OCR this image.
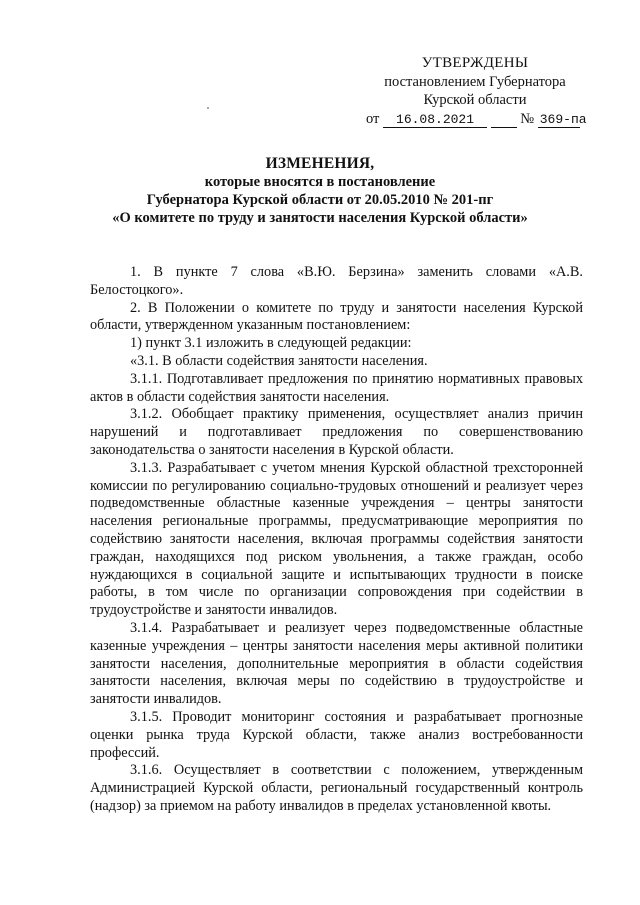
УТВЕРЖДЕНЫ
постановлением Губернатора
Курской области
от 16.08.2021	№ 369-па
ИЗМЕНЕНИЯ,
которые вносятся в постановление
Губернатора Курской области от 20.05.2010 № 201-пг
«О комитете по труду и занятости населения Курской области»

1. В пункте 7 слова «В.Ю. Берзина» заменить словами «А.В. Белостоцкого».

2. В Положении о комитете по труду и занятости населения Курской области, утвержденном указанным постановлением:

1) пункт 3.1 изложить в следующей редакции:

«3.1. В области содействия занятости населения.

3.1.1. Подготавливает предложения по принятию нормативных правовых актов в области содействия занятости населения.

3.1.2. Обобщает практику применения, осуществляет анализ причин нарушений и подготавливает предложения по совершенствованию законодательства о занятости населения в Курской области.

3.1.3. Разрабатывает с учетом мнения Курской областной трехсторонней комиссии по регулированию социально-трудовых отношений и реализует через подведомственные областные казенные учреждения – центры занятости населения региональные программы, предусматривающие мероприятия по содействию занятости населения, включая программы содействия занятости граждан, находящихся под риском увольнения, а также граждан, особо нуждающихся в социальной защите и испытывающих трудности в поиске работы, в том числе по организации сопровождения при содействии в трудоустройстве и занятости инвалидов.

3.1.4. Разрабатывает и реализует через подведомственные областные казенные учреждения – центры занятости населения меры активной политики занятости населения, дополнительные мероприятия в области содействия занятости населения, включая меры по содействию в трудоустройстве и занятости инвалидов.

3.1.5. Проводит мониторинг состояния и разрабатывает прогнозные оценки рынка труда Курской области, также анализ востребованности профессий.

3.1.6. Осуществляет в соответствии с положением, утвержденным Администрацией Курской области, региональный государственный контроль (надзор) за приемом на работу инвалидов в пределах установленной квоты.
